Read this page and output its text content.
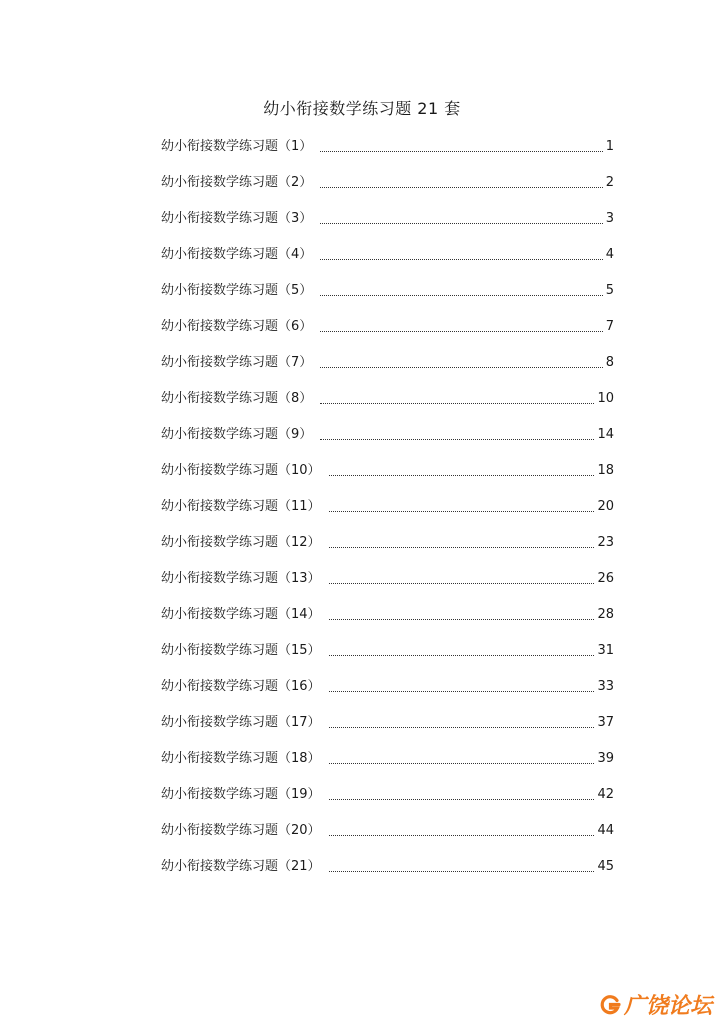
幼小衔接数学练习题 21 套
幼小衔接数学练习题（1）	1
幼小衔接数学练习题（2）	2
幼小衔接数学练习题（3）	3
幼小衔接数学练习题（4）	4
幼小衔接数学练习题（5）	5
幼小衔接数学练习题（6）	7
幼小衔接数学练习题（7）	8
幼小衔接数学练习题（8）	10
幼小衔接数学练习题（9）	14
幼小衔接数学练习题（10）	18
幼小衔接数学练习题（11）	20
幼小衔接数学练习题（12）	23
幼小衔接数学练习题（13）	26
幼小衔接数学练习题（14）	28
幼小衔接数学练习题（15）	31
幼小衔接数学练习题（16）	33
幼小衔接数学练习题（17）	37
幼小衔接数学练习题（18）	39
幼小衔接数学练习题（19）	42
幼小衔接数学练习题（20）	44
幼小衔接数学练习题（21）	45
广饶论坛
